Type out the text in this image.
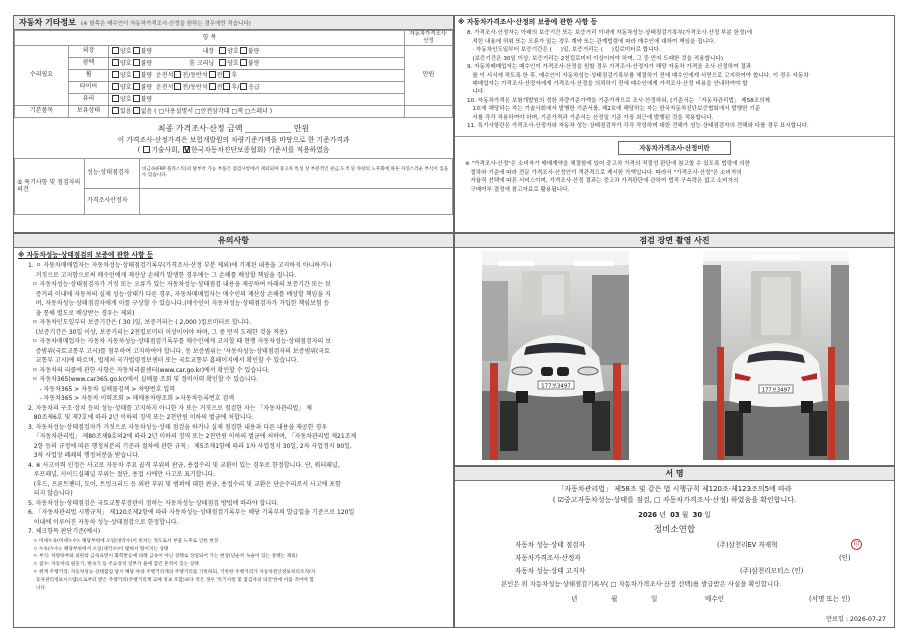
자동차 기타정보 (※ 항목은 매수인이 자동차가격조사·산정을 원하는 경우에만 적습니다)
항 목			자동차가격조사·산정
수리필요	외장	양호 불량 내장 양호 불량	만원
	광택	양호 불량 룸 크리닝 양호 불량	
	휠	양호 불량 운전석 전/동반석 전 후	
	타이어	양호 불량 운전석 전/동반석 전 후/ 응급	
	유리	양호 불량	
기본품목	보유상태	있음 없음 ( □사용설명서 □안전삼각대 □잭 □스패너 )	
최종 가격조사·산정 금액	만원

이 가격조사·산정가격은 보험개발원의 차량기준가액을 바탕으로 한 기준가격과

( 기술사회, V 한국자동차진단보증협회) 기준서를 적용하였음

⑤ 특기사항 및 점검자의 의견	성능·상태점검자	비금속(FRP 플라스틱)의 탈부착 가능 부품은 점검사항에서 제외되며 중고차 특성 상 부분적인 판금,도색 및 차량의 노후화에 따른 자연스러운 부식이 있을 수 있습니다.
	가격조사산정자	
※ 자동차가격조사·산정의 보증에 관한 사항 등
8. 가격조사·산정자는 아래의 보증기간 또는 보증거리 이내에 자동차성능·상태점검기록부(가격조사·산정 부분 한정)에
적힌 내용에 허위 또는 오류가 있는 경우 계약 또는 관계법령에 따라 매수인에 대하여 책임을 집니다.
· 자동차인도일부터 보증기간은 (     )일, 보증거리는 (     )킬로미터로 합니다.
(보증기간은 30일 이상, 보증거리는 2천킬로미터 이상이어야 하며, 그 중 먼저 도래한 것을 적용합니다)
9. 자동차매매업자는 매수인이 가격조사·산정을 원할 경우 가격조사·산정자가 해당 자동차 가격을 조사·산정하여 결과
를 이 서식에 적도록 한 후, 매수인이 자동차성능·상태점검기록부를 체결하기 전에 매수인에게 서면으로 고지하여야 합니다. 이 경우 자동차
매매업자는 가격조사·산정자에게 가격조사·산정을 의뢰하기 전에 매수인에게 가격조사·산정 비용을 안내하여야 합
니다.
10. 자동차가격은 보험개발원의 정한 차량기준가액을 기준가격으로 조사·산정하되, [기준서는 「자동차관리법」 제58조의제
1호에 해당하는 자는 기술사회에서 발행한 기준서를, 제2호에 해당하는 자는 한국자동차진단보증협회에서 발행한 기준
서를 각각 적용하여야 하며, 기준가격과 기준서는 산정일 기준 가장 최근에 발행된 것을 적용합니다.
11. 특기사항란은 가격조사·산정자와 자동차 성능·상태점검자가 각각 작성하며 대한 견해가 성능·상태점검자의 견해와 다를 경우 표시합니다.
자동차가격조사·산정이란
※ "가격조사·산정"은 소비자가 매매계약을 체결함에 있어 중고차 가격의 적절성 판단에 참고할 수 있도록 법령에 의한
절차와 기준에 따라 전문 가격조사·산정인이 객관적으로 제시한 가액입니다. 따라서 "가격조사·산정"은 소비자의
자율적 선택에 따른 서비스이며, 가격조사·산정 결과는 중고차 가격판단에 관하여 법적 구속력은 없고 소비자의
구매여부 결정에 참고자료로 활용됩니다.
유의사항
※ 자동차성능·상태점검의 보증에 관한 사항 등
1. ㅇ 자동차매매업자는 자동차성능·상태점검기록부(가격조사·산정 부분 제외)에 기재된 내용을 고지하지 아니하거나
거짓으로 고지함으로써 매수인에게 재산상 손해가 발생한 경우에는 그 손해를 배상할 책임을 집니다.
ㅇ 자동차성능·상태점검자가 거짓 또는 오류가 있는 자동차성능·상태점검 내용을 제공하여 아래의 보증기간 또는 보
증거리 이내에 자동차의 실제 성능·상태가 다른 경우, 자동차매매업자는 매수인의 재산상 손해를 배상할 책임을 지
며, 자동차성능·상태점검자에게 이를 구상할 수 있습니다.(매수인이 자동차성능·상태점검자가 가입한 책임보험 등
을 통해 별도로 배상받는 경우는 제외)
ㅇ 자동차인도일부터 보증기간은 ( 30 )일, 보증거리는 ( 2,000 )킬로미터로 합니다.
(보증기간은 30일 이상, 보증거리는 2천킬로미터 이상이어야 하며, 그 중 먼저 도래한 것을 적용)
ㅇ 자동차매매업자는 자동차 자동차성능·상태점검기록부를 매수인에게 고지할 때 현행 자동차성능·상태점검자의 보
증범위(국토교통부 고시)를 첨부하여 고지하여야 합니다. 동 보증범위는 '자동차성능·상태점검자의 보증범위(국토
교통부 고시)에 따르며, 법제처 국가법령정보센터 또는 국토교통부 홈페이지에서 확인할 수 있습니다.
ㅇ 자동차의 리콜에 관한 사항은 자동차리콜센터(www.car.go.kr)에서 확인할 수 있습니다.
ㅇ 자동차365(www.car365.go.kr)에서 실매물 조회 및 정비이력 확인할 수 있습니다.
- 자동차365 > 자동차 실매물검색 > 차량번호 입력
- 자동차365 > 자동차 이력조회 > 매매용차량조회 >자동차등록번호 검색
2. 자동차의 구조·장치 등의 성능·상태를 고지하지 아니한 자 또는 거짓으로 점검한 자는 「자동차관리법」 제
80조제6호 및 제7호에 따라 2년 이하의 징역 또는 2천만원 이하의 벌금에 처합니다.
3. 자동차성능·상태점검자가 거짓으로 자동차성능·상태 점검을 하거나 실제 점검한 내용과 다른 내용을 제공한 경우
「자동차관리법」 제80조제9호의2에 따라 2년 이하의 징역 또는 2천만원 이하의 벌금에 처하며, 「자동차관리법 제21조제
2항 등의 규정에 따른 행정처분의 기준과 절차에 관한 규칙」 제5조제1항에 따라 1차 사업정지 30일, 2차 사업정지 90일,
3차 사업장 폐쇄의 행정처분을 받습니다.
4. ※ 사고이력 인정은 사고로 자동차 주요 골격 부위의 판금, 용접수리 및 교환이 있는 경우로 한정합니다. 단, 쿼터패널,
루프패널, 사이드실패널 부위는 절단, 용접 시에만 사고로 표기합니다.
(후드, 프론트펜더, 도어, 트렁크리드 등 외판 부위 및 범퍼에 대한 판금, 용접수리 및 교환은 단순수리로서 사고에 포함
되지 않습니다)
5. 자동차성능·상태점검은 국토교통부장관이 정하는 자동차성능·상태점검 방법에 따라야 합니다.
6. 「자동차관리법 시행규칙」 제120조제2항에 따라 자동차성능·상태점검기록부는 해당 기록부의 발급일을 기준으로 120일
이내에 이루어진 자동차 성능·상태점검으로 한정합니다.
7. 체크항목 판단기준(예시)
ㅇ 미세누유(미세누수): 해당부위에 오일(냉각수)이 비치는 정도로서 부품 노후로 인한 현상
ㅇ 누유(누수): 해당부위에서 오일(냉각수)이 맺혀서 떨어지는 상태
ㅇ 부식: 차량하부와 외판의 금속표면이 화학반응에 의해 금속이 아닌 상태로 상실되어 가는 현상(단순히 녹슬어 있는 상태는 제외)
ㅇ 침수: 자동차의 원동기, 변속기 등 주요장치 일부가 물에 잠긴 흔적이 있는 상태
ㅇ 현재 주행거리: 자동차성능·상태점검 당시 해당 차량 주행거리계의 주행거리를 기록하되, 기록한 주행거리가 자동차전산정보처리조직(자
동차관리정보시스템)으로부터 받은 주행거리(주행거리계 교체 정보 포함)보다 적은 경우 '특기사항 및 점검자의 의견'란에 이를 적어야 합
니다.
점검 장면 촬영 사진
177보3497
177보3497
서 명

「자동차관리법」 제58조 및 같은 법 시행규칙 제120조·제123조의5에 따라

( ☑중고자동차성능·상태를 점검, □ 자동차가격조사·산정) 하였음을 확인합니다.

2026 년 03 월 30 일
정비소연합
자동차 성능·상태 점검자	(주)삼천리EV 자재혁	印
자동차가격조사·산정자	(인)
자동차 성능·상태 고지자	(주)삼천리모터스 (인)
본인은 위 자동차성능·상태점검기록부( □ 자동차가격조사·산정 선택)를 발급받은 사실을 확인합니다.
년	월	일	매수인	(서명 또는 인)
만료일 : 2026-07-27
